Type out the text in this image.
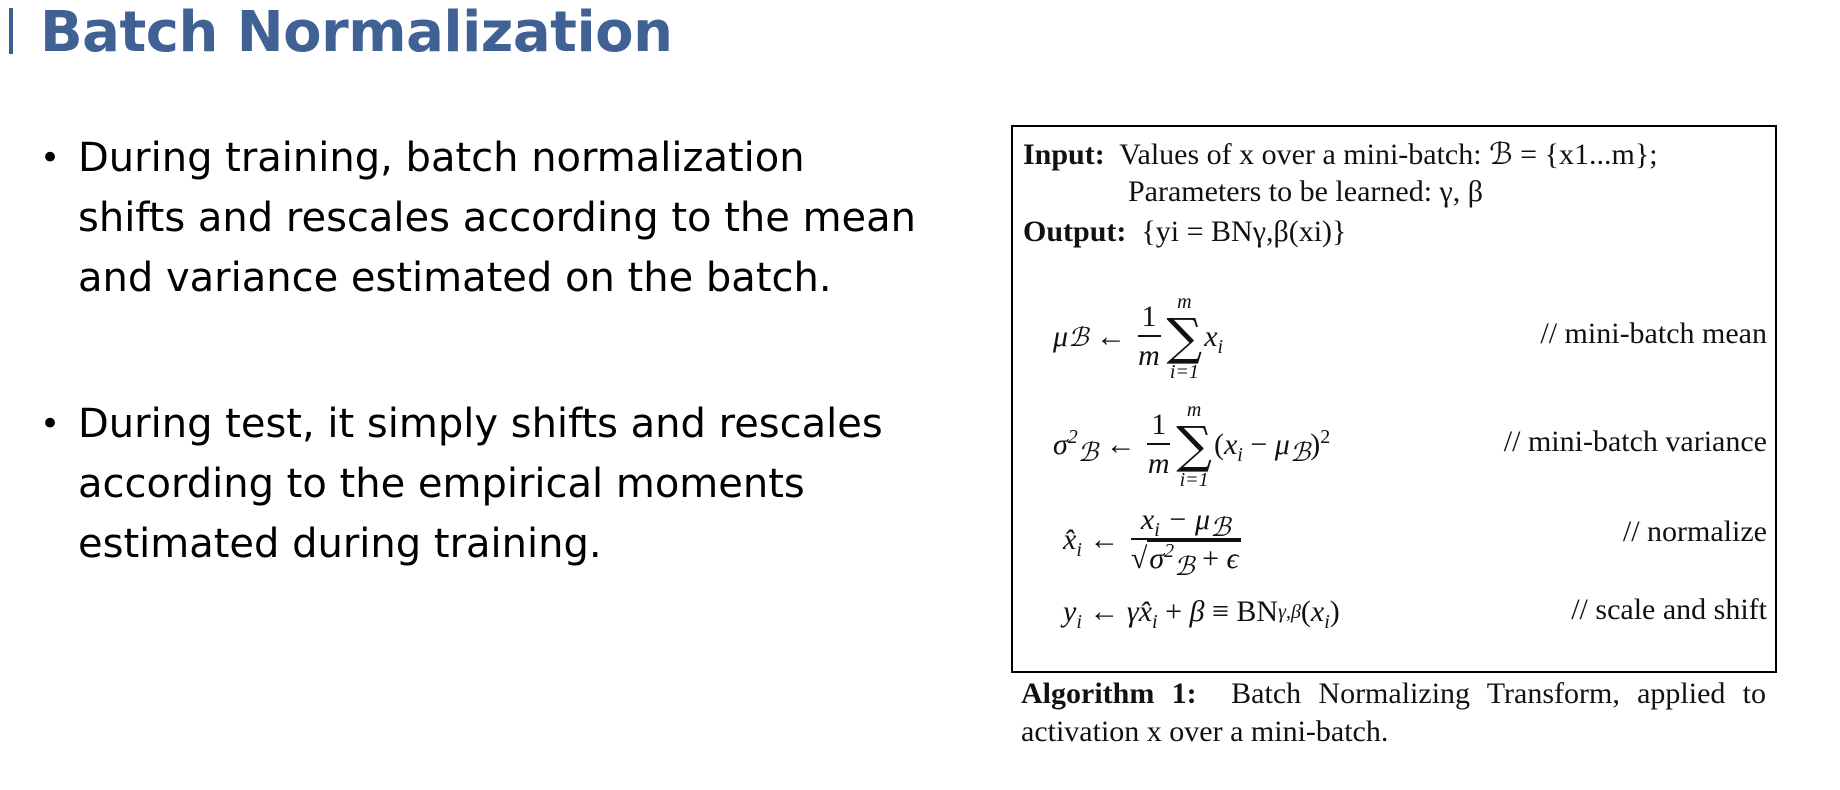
Batch Normalization
• During training, batch normalization shifts and rescales according to the mean and variance estimated on the batch.
• During test, it simply shifts and rescales according to the empirical moments estimated during training.
Input: Values of x over a mini-batch: ℬ = {x1...m};
Parameters to be learned: γ, β
Output: {yi = BNγ,β(xi)}
μℬ ← $\frac{1}{m}$ m
∑
i=1
$x_i$	// mini-batch mean
$\sigma^2_ℬ$ ← $\frac{1}{m}$ m
∑
i=1
$(x_i - \mu_ℬ)^2$	// mini-batch variance
$x̂_i$ ← $\frac{x_i - \mu_ℬ}{√\sigma^2_ℬ + \epsilon}$	// normalize
$y_i$ ← $\gamma x̂_i + \beta$ ≡ BN γ,β ( $x_i$ )	// scale and shift
Algorithm 1: Batch Normalizing Transform, applied to activation x over a mini-batch.
